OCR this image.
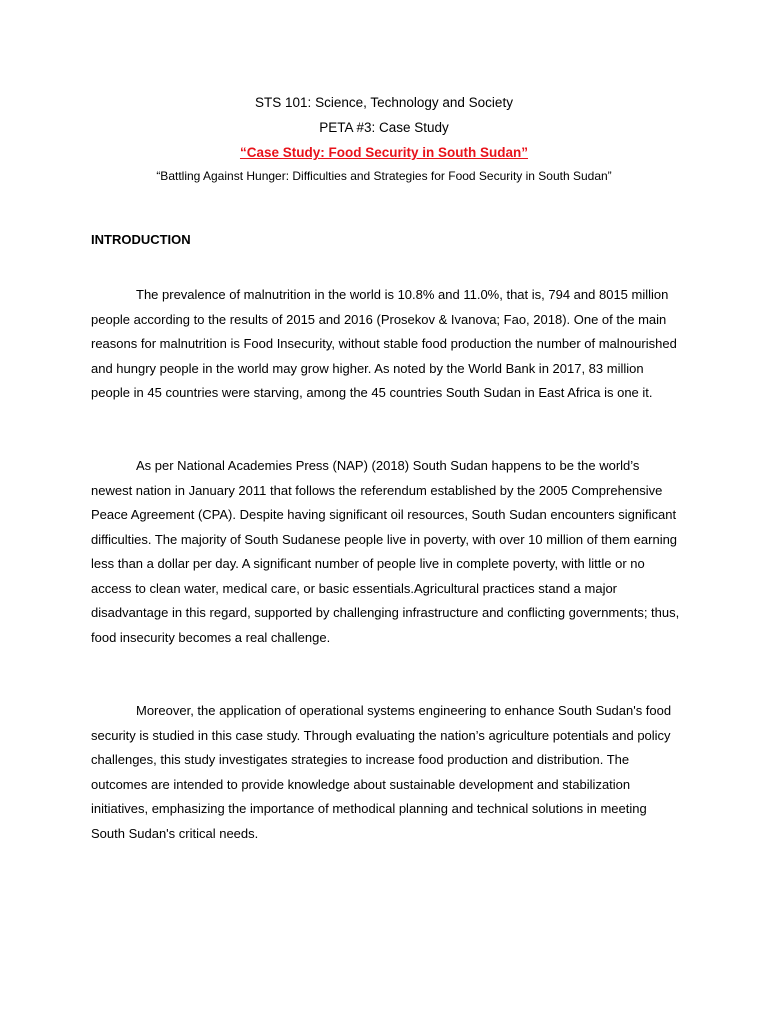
STS 101: Science, Technology and Society
PETA #3: Case Study
“Case Study: Food Security in South Sudan”
“Battling Against Hunger: Difficulties and Strategies for Food Security in South Sudan”
INTRODUCTION

The prevalence of malnutrition in the world is 10.8% and 11.0%, that is, 794 and 8015 million people according to the results of 2015 and 2016 (Prosekov & Ivanova; Fao, 2018). One of the main reasons for malnutrition is Food Insecurity, without stable food production the number of malnourished and hungry people in the world may grow higher. As noted by the World Bank in 2017, 83 million people in 45 countries were starving, among the 45 countries South Sudan in East Africa is one it.

As per National Academies Press (NAP) (2018) South Sudan happens to be the world’s newest nation in January 2011 that follows the referendum established by the 2005 Comprehensive Peace Agreement (CPA). Despite having significant oil resources, South Sudan encounters significant difficulties. The majority of South Sudanese people live in poverty, with over 10 million of them earning less than a dollar per day. A significant number of people live in complete poverty, with little or no access to clean water, medical care, or basic essentials.Agricultural practices stand a major disadvantage in this regard, supported by challenging infrastructure and conflicting governments; thus, food insecurity becomes a real challenge.

Moreover, the application of operational systems engineering to enhance South Sudan's food security is studied in this case study. Through evaluating the nation’s agriculture potentials and policy challenges, this study investigates strategies to increase food production and distribution. The outcomes are intended to provide knowledge about sustainable development and stabilization initiatives, emphasizing the importance of methodical planning and technical solutions in meeting South Sudan's critical needs.
